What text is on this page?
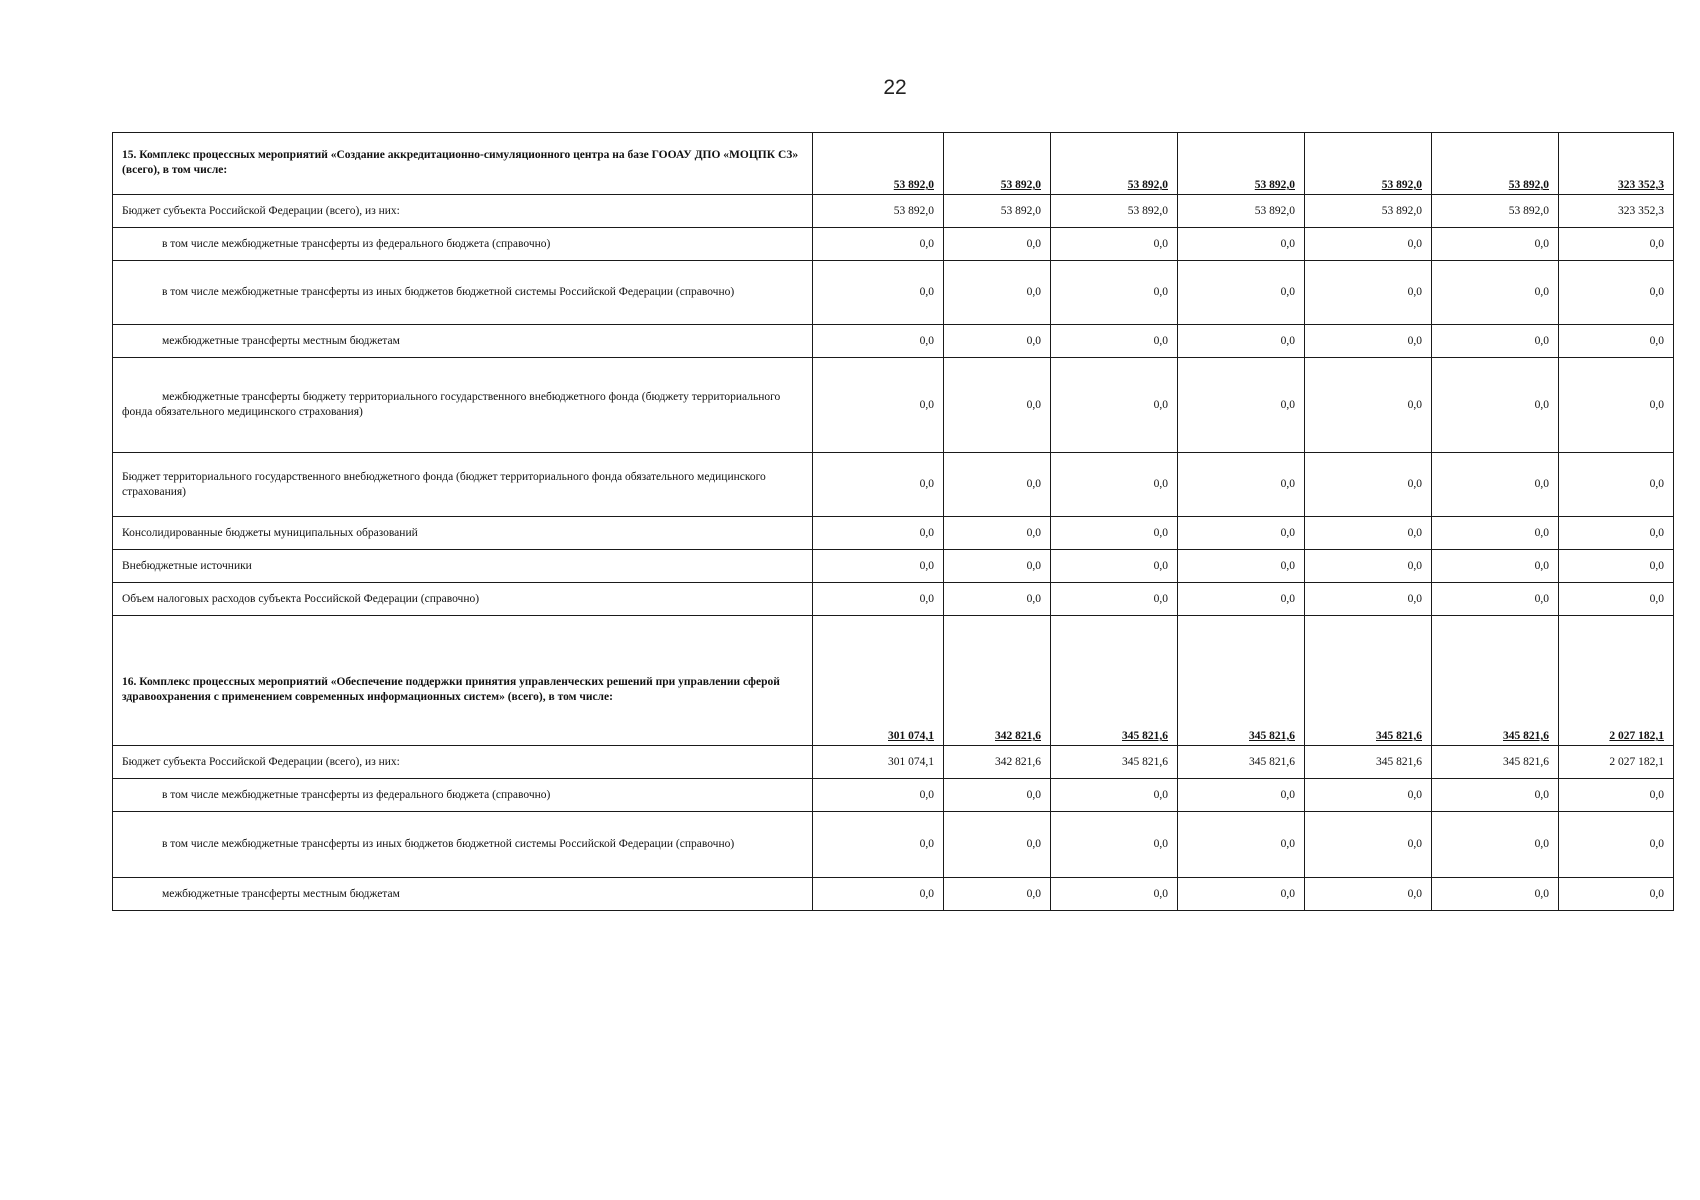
22
15. Комплекс процессных мероприятий «Создание аккредитационно-симуляционного центра на базе ГООАУ ДПО «МОЦПК СЗ» (всего), в том числе:	53 892,0	53 892,0	53 892,0	53 892,0	53 892,0	53 892,0	323 352,3
Бюджет субъекта Российской Федерации (всего), из них:	53 892,0	53 892,0	53 892,0	53 892,0	53 892,0	53 892,0	323 352,3
в том числе межбюджетные трансферты из федерального бюджета (справочно)	0,0	0,0	0,0	0,0	0,0	0,0	0,0
в том числе межбюджетные трансферты из иных бюджетов бюджетной системы Российской Федерации (справочно)	0,0	0,0	0,0	0,0	0,0	0,0	0,0
межбюджетные трансферты местным бюджетам	0,0	0,0	0,0	0,0	0,0	0,0	0,0
межбюджетные трансферты бюджету территориального государственного внебюджетного фонда (бюджету территориального фонда обязательного медицинского страхования)	0,0	0,0	0,0	0,0	0,0	0,0	0,0
Бюджет территориального государственного внебюджетного фонда (бюджет территориального фонда обязательного медицинского страхования)	0,0	0,0	0,0	0,0	0,0	0,0	0,0
Консолидированные бюджеты муниципальных образований	0,0	0,0	0,0	0,0	0,0	0,0	0,0
Внебюджетные источники	0,0	0,0	0,0	0,0	0,0	0,0	0,0
Объем налоговых расходов субъекта Российской Федерации (справочно)	0,0	0,0	0,0	0,0	0,0	0,0	0,0
16. Комплекс процессных мероприятий «Обеспечение поддержки принятия управленческих решений при управлении сферой здравоохранения с применением современных информационных систем» (всего), в том числе:	301 074,1	342 821,6	345 821,6	345 821,6	345 821,6	345 821,6	2 027 182,1
Бюджет субъекта Российской Федерации (всего), из них:	301 074,1	342 821,6	345 821,6	345 821,6	345 821,6	345 821,6	2 027 182,1
в том числе межбюджетные трансферты из федерального бюджета (справочно)	0,0	0,0	0,0	0,0	0,0	0,0	0,0
в том числе межбюджетные трансферты из иных бюджетов бюджетной системы Российской Федерации (справочно)	0,0	0,0	0,0	0,0	0,0	0,0	0,0
межбюджетные трансферты местным бюджетам	0,0	0,0	0,0	0,0	0,0	0,0	0,0
